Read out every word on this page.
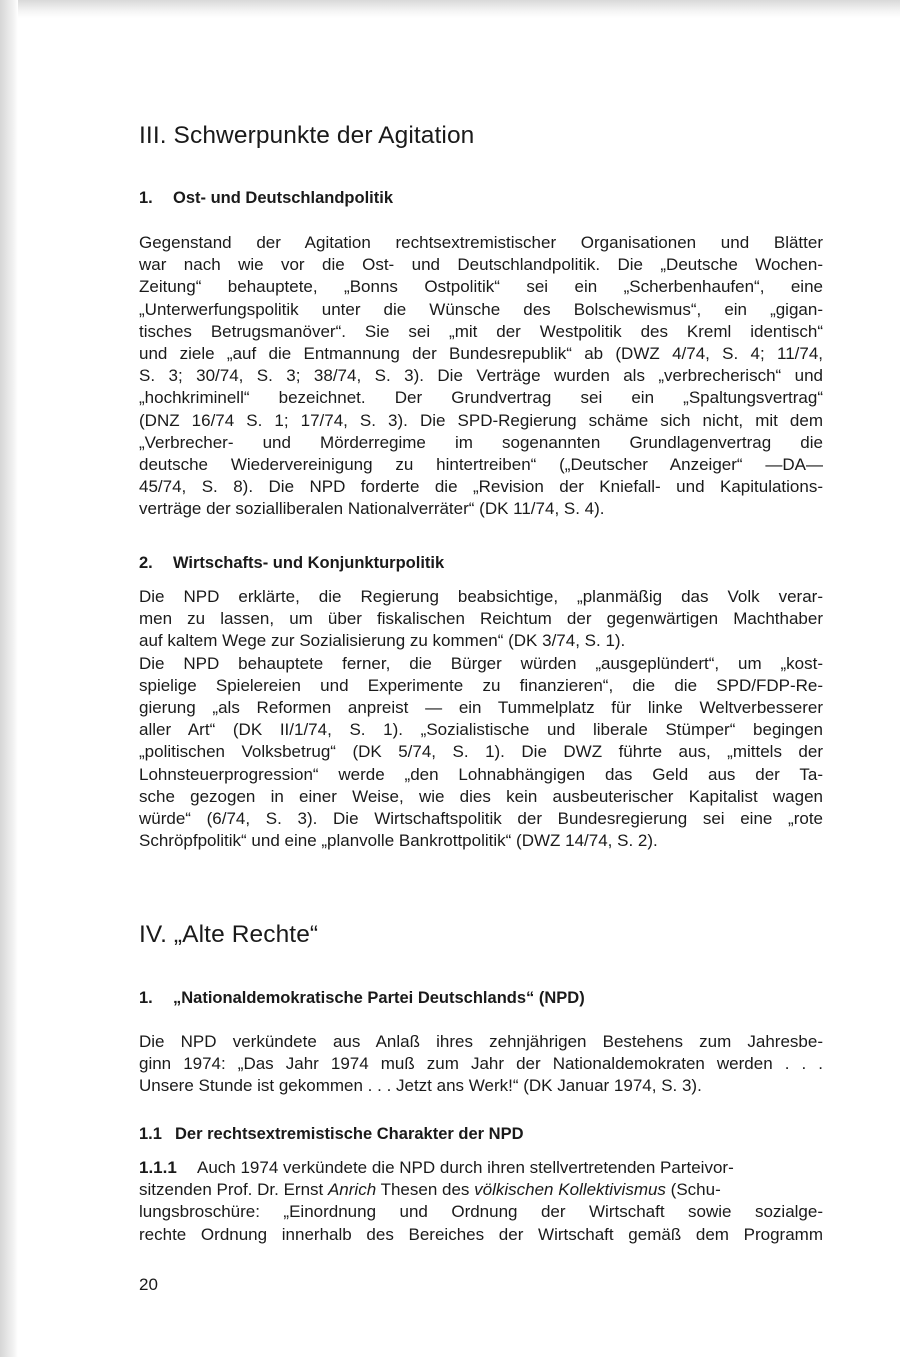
III. Schwerpunkte der Agitation
1. Ost- und Deutschlandpolitik
Gegenstand der Agitation rechtsextremistischer Organisationen und Blätter
war nach wie vor die Ost- und Deutschlandpolitik. Die „Deutsche Wochen-
Zeitung“ behauptete, „Bonns Ostpolitik“ sei ein „Scherbenhaufen“, eine
„Unterwerfungspolitik unter die Wünsche des Bolschewismus“, ein „gigan-
tisches Betrugsmanöver“. Sie sei „mit der Westpolitik des Kreml identisch“
und ziele „auf die Entmannung der Bundesrepublik“ ab (DWZ 4/74, S. 4; 11/74,
S. 3; 30/74, S. 3; 38/74, S. 3). Die Verträge wurden als „verbrecherisch“ und
„hochkriminell“ bezeichnet. Der Grundvertrag sei ein „Spaltungsvertrag“
(DNZ 16/74 S. 1; 17/74, S. 3). Die SPD-Regierung schäme sich nicht, mit dem
„Verbrecher- und Mörderregime im sogenannten Grundlagenvertrag die
deutsche Wiedervereinigung zu hintertreiben“ („Deutscher Anzeiger“ —DA—
45/74, S. 8). Die NPD forderte die „Revision der Kniefall- und Kapitulations-
verträge der sozialliberalen Nationalverräter“ (DK 11/74, S. 4).
2. Wirtschafts- und Konjunkturpolitik
Die NPD erklärte, die Regierung beabsichtige, „planmäßig das Volk verar-
men zu lassen, um über fiskalischen Reichtum der gegenwärtigen Machthaber
auf kaltem Wege zur Sozialisierung zu kommen“ (DK 3/74, S. 1).
Die NPD behauptete ferner, die Bürger würden „ausgeplündert“, um „kost-
spielige Spielereien und Experimente zu finanzieren“, die die SPD/FDP-Re-
gierung „als Reformen anpreist — ein Tummelplatz für linke Weltverbesserer
aller Art“ (DK II/1/74, S. 1). „Sozialistische und liberale Stümper“ begingen
„politischen Volksbetrug“ (DK 5/74, S. 1). Die DWZ führte aus, „mittels der
Lohnsteuerprogression“ werde „den Lohnabhängigen das Geld aus der Ta-
sche gezogen in einer Weise, wie dies kein ausbeuterischer Kapitalist wagen
würde“ (6/74, S. 3). Die Wirtschaftspolitik der Bundesregierung sei eine „rote
Schröpfpolitik“ und eine „planvolle Bankrottpolitik“ (DWZ 14/74, S. 2).
IV. „Alte Rechte“
1. „Nationaldemokratische Partei Deutschlands“ (NPD)
Die NPD verkündete aus Anlaß ihres zehnjährigen Bestehens zum Jahresbe-
ginn 1974: „Das Jahr 1974 muß zum Jahr der Nationaldemokraten werden . . .
Unsere Stunde ist gekommen . . . Jetzt ans Werk!“ (DK Januar 1974, S. 3).
1.1 Der rechtsextremistische Charakter der NPD
1.1.1 Auch 1974 verkündete die NPD durch ihren stellvertretenden Parteivor-
sitzenden Prof. Dr. Ernst Anrich Thesen des völkischen Kollektivismus (Schu-
lungsbroschüre: „Einordnung und Ordnung der Wirtschaft sowie sozialge-
rechte Ordnung innerhalb des Bereiches der Wirtschaft gemäß dem Programm
20
